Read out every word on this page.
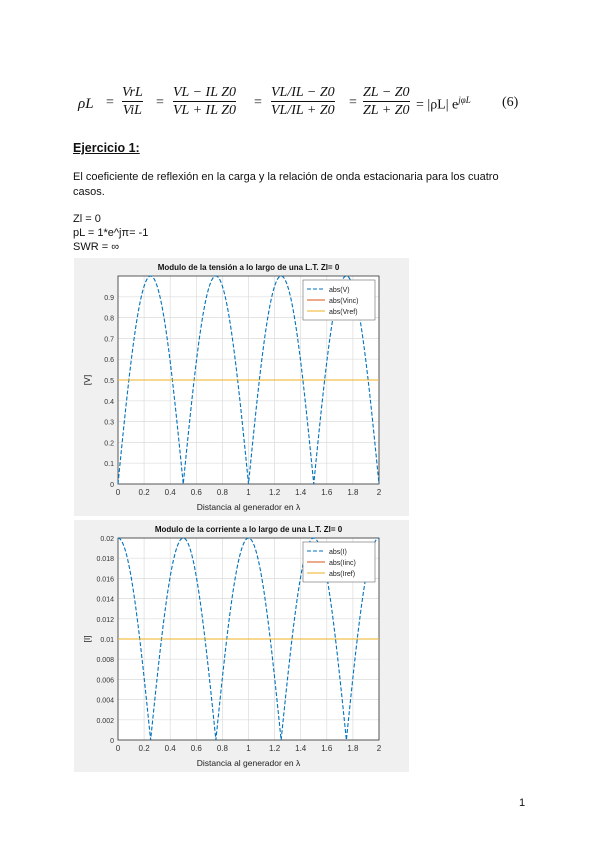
ρL =
VrL
ViL
=
VL − IL Z0
VL + IL Z0
=
VL/IL − Z0
VL/IL + Z0
=
ZL − Z0
ZL + Z0 = |ρL| $e^{j\varphi L}$ (6)
Ejercicio 1:
El coeficiente de reflexión en la carga y la relación de onda estacionaria para los cuatro casos.
Zl = 0
pL = 1*e^jπ= -1
SWR = ∞
0 0.2 0.4 0.6 0.8 1 1.2 1.4 1.6 1.8 2
0
0.1
0.2
0.3
0.4
0.5
0.6
0.7
0.8
0.9
Modulo de la tensión a lo largo de una L.T. Zl= 0
Distancia al generador en λ
[V]
abs(V)
abs(Vinc)
abs(Vref)
0 0.2 0.4 0.6 0.8 1 1.2 1.4 1.6 1.8 2
0
0.002
0.004
0.006
0.008
0.01
0.012
0.014
0.016
0.018
0.02
Modulo de la corriente a lo largo de una L.T. Zl= 0
Distancia al generador en λ
[I]
abs(I)
abs(Iinc)
abs(Iref)
1
